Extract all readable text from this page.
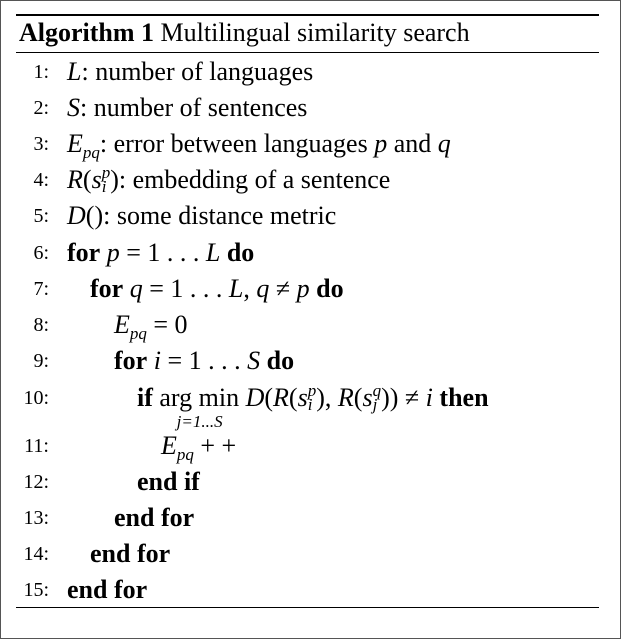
Algorithm 1 Multilingual similarity search
1: L: number of languages
2: S: number of sentences
3: $E_{pq}$: error between languages p and q
4: R(s p
i ): embedding of a sentence
5: D(): some distance metric
6: for p = 1 . . . L do
7: for q = 1 . . . L, q ≠ p do
8:	$E_{pq} = 0$
9:	for i = 1 . . . S do
10:	if arg min
j=1...S
D(R(s p
i ), R(s q
j )) ≠ i then
11:	$E_{pq}$ + +
12:	end if
13:	end for
14: end for
15: end for
